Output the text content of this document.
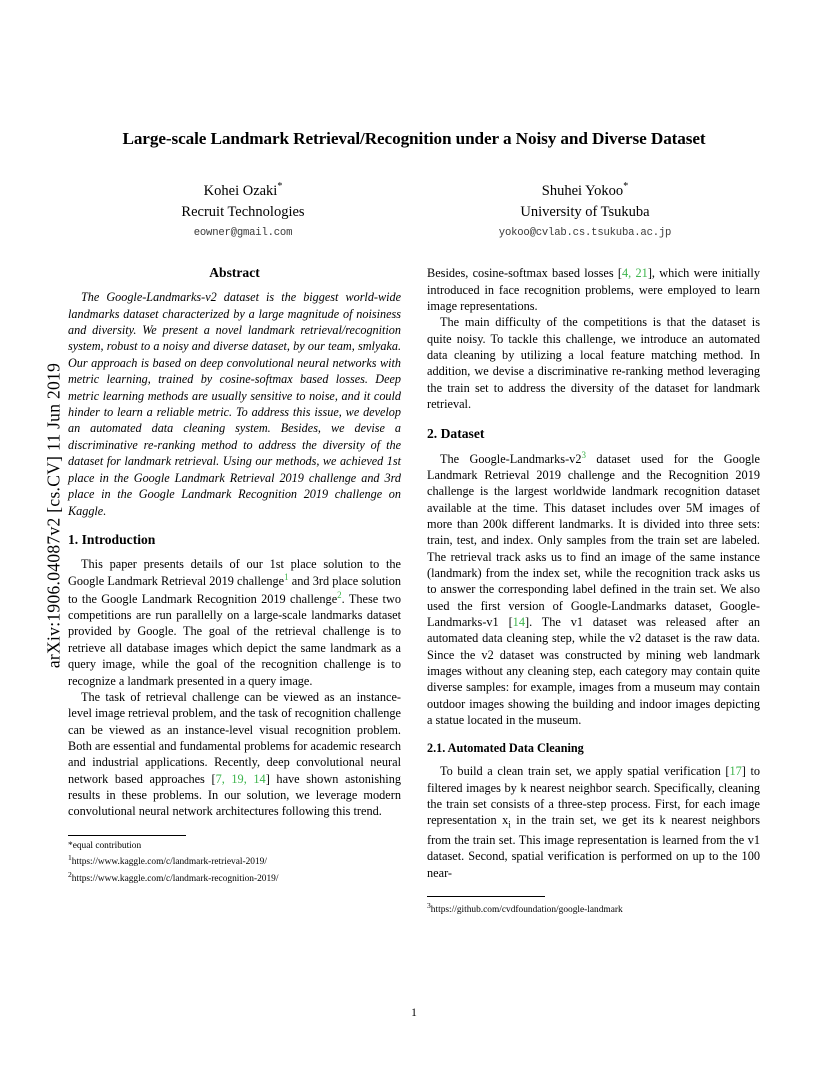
arXiv:1906.04087v2 [cs.CV] 11 Jun 2019
Large-scale Landmark Retrieval/Recognition under a Noisy and Diverse Dataset
Kohei Ozaki*
Recruit Technologies
eowner@gmail.com
Shuhei Yokoo*
University of Tsukuba
yokoo@cvlab.cs.tsukuba.ac.jp
Abstract

The Google-Landmarks-v2 dataset is the biggest world-wide landmarks dataset characterized by a large magnitude of noisiness and diversity. We present a novel landmark retrieval/recognition system, robust to a noisy and diverse dataset, by our team, smlyaka. Our approach is based on deep convolutional neural networks with metric learning, trained by cosine-softmax based losses. Deep metric learning methods are usually sensitive to noise, and it could hinder to learn a reliable metric. To address this issue, we develop an automated data cleaning system. Besides, we devise a discriminative re-ranking method to address the diversity of the dataset for landmark retrieval. Using our methods, we achieved 1st place in the Google Landmark Retrieval 2019 challenge and 3rd place in the Google Landmark Recognition 2019 challenge on Kaggle.

1. Introduction

This paper presents details of our 1st place solution to the Google Landmark Retrieval 2019 challenge$^1$ and 3rd place solution to the Google Landmark Recognition 2019 challenge$^2$. These two competitions are run parallelly on a large-scale landmarks dataset provided by Google. The goal of the retrieval challenge is to retrieve all database images which depict the same landmark as a query image, while the goal of the recognition challenge is to recognize a landmark presented in a query image.

The task of retrieval challenge can be viewed as an instance-level image retrieval problem, and the task of recognition challenge can be viewed as an instance-level visual recognition problem. Both are essential and fundamental problems for academic research and industrial applications. Recently, deep convolutional neural network based approaches [7, 19, 14] have shown astonishing results in these problems. In our solution, we leverage modern convolutional neural network architectures following this trend.

*equal contribution
$^1$https://www.kaggle.com/c/landmark-retrieval-2019/
$^2$https://www.kaggle.com/c/landmark-recognition-2019/

Besides, cosine-softmax based losses [4, 21], which were initially introduced in face recognition problems, were employed to learn image representations.

The main difficulty of the competitions is that the dataset is quite noisy. To tackle this challenge, we introduce an automated data cleaning by utilizing a local feature matching method. In addition, we devise a discriminative re-ranking method leveraging the train set to address the diversity of the dataset for landmark retrieval.

2. Dataset

The Google-Landmarks-v2$^3$ dataset used for the Google Landmark Retrieval 2019 challenge and the Recognition 2019 challenge is the largest worldwide landmark recognition dataset available at the time. This dataset includes over 5M images of more than 200k different landmarks. It is divided into three sets: train, test, and index. Only samples from the train set are labeled. The retrieval track asks us to find an image of the same instance (landmark) from the index set, while the recognition track asks us to answer the corresponding label defined in the train set. We also used the first version of Google-Landmarks dataset, Google-Landmarks-v1 [14]. The v1 dataset was released after an automated data cleaning step, while the v2 dataset is the raw data. Since the v2 dataset was constructed by mining web landmark images without any cleaning step, each category may contain quite diverse samples: for example, images from a museum may contain outdoor images showing the building and indoor images depicting a statue located in the museum.

2.1. Automated Data Cleaning

To build a clean train set, we apply spatial verification [17] to filtered images by k nearest neighbor search. Specifically, cleaning the train set consists of a three-step process. First, for each image representation $x_i$ in the train set, we get its k nearest neighbors from the train set. This image representation is learned from the v1 dataset. Second, spatial verification is performed on up to the 100 near-

$^3$https://github.com/cvdfoundation/google-landmark
1
